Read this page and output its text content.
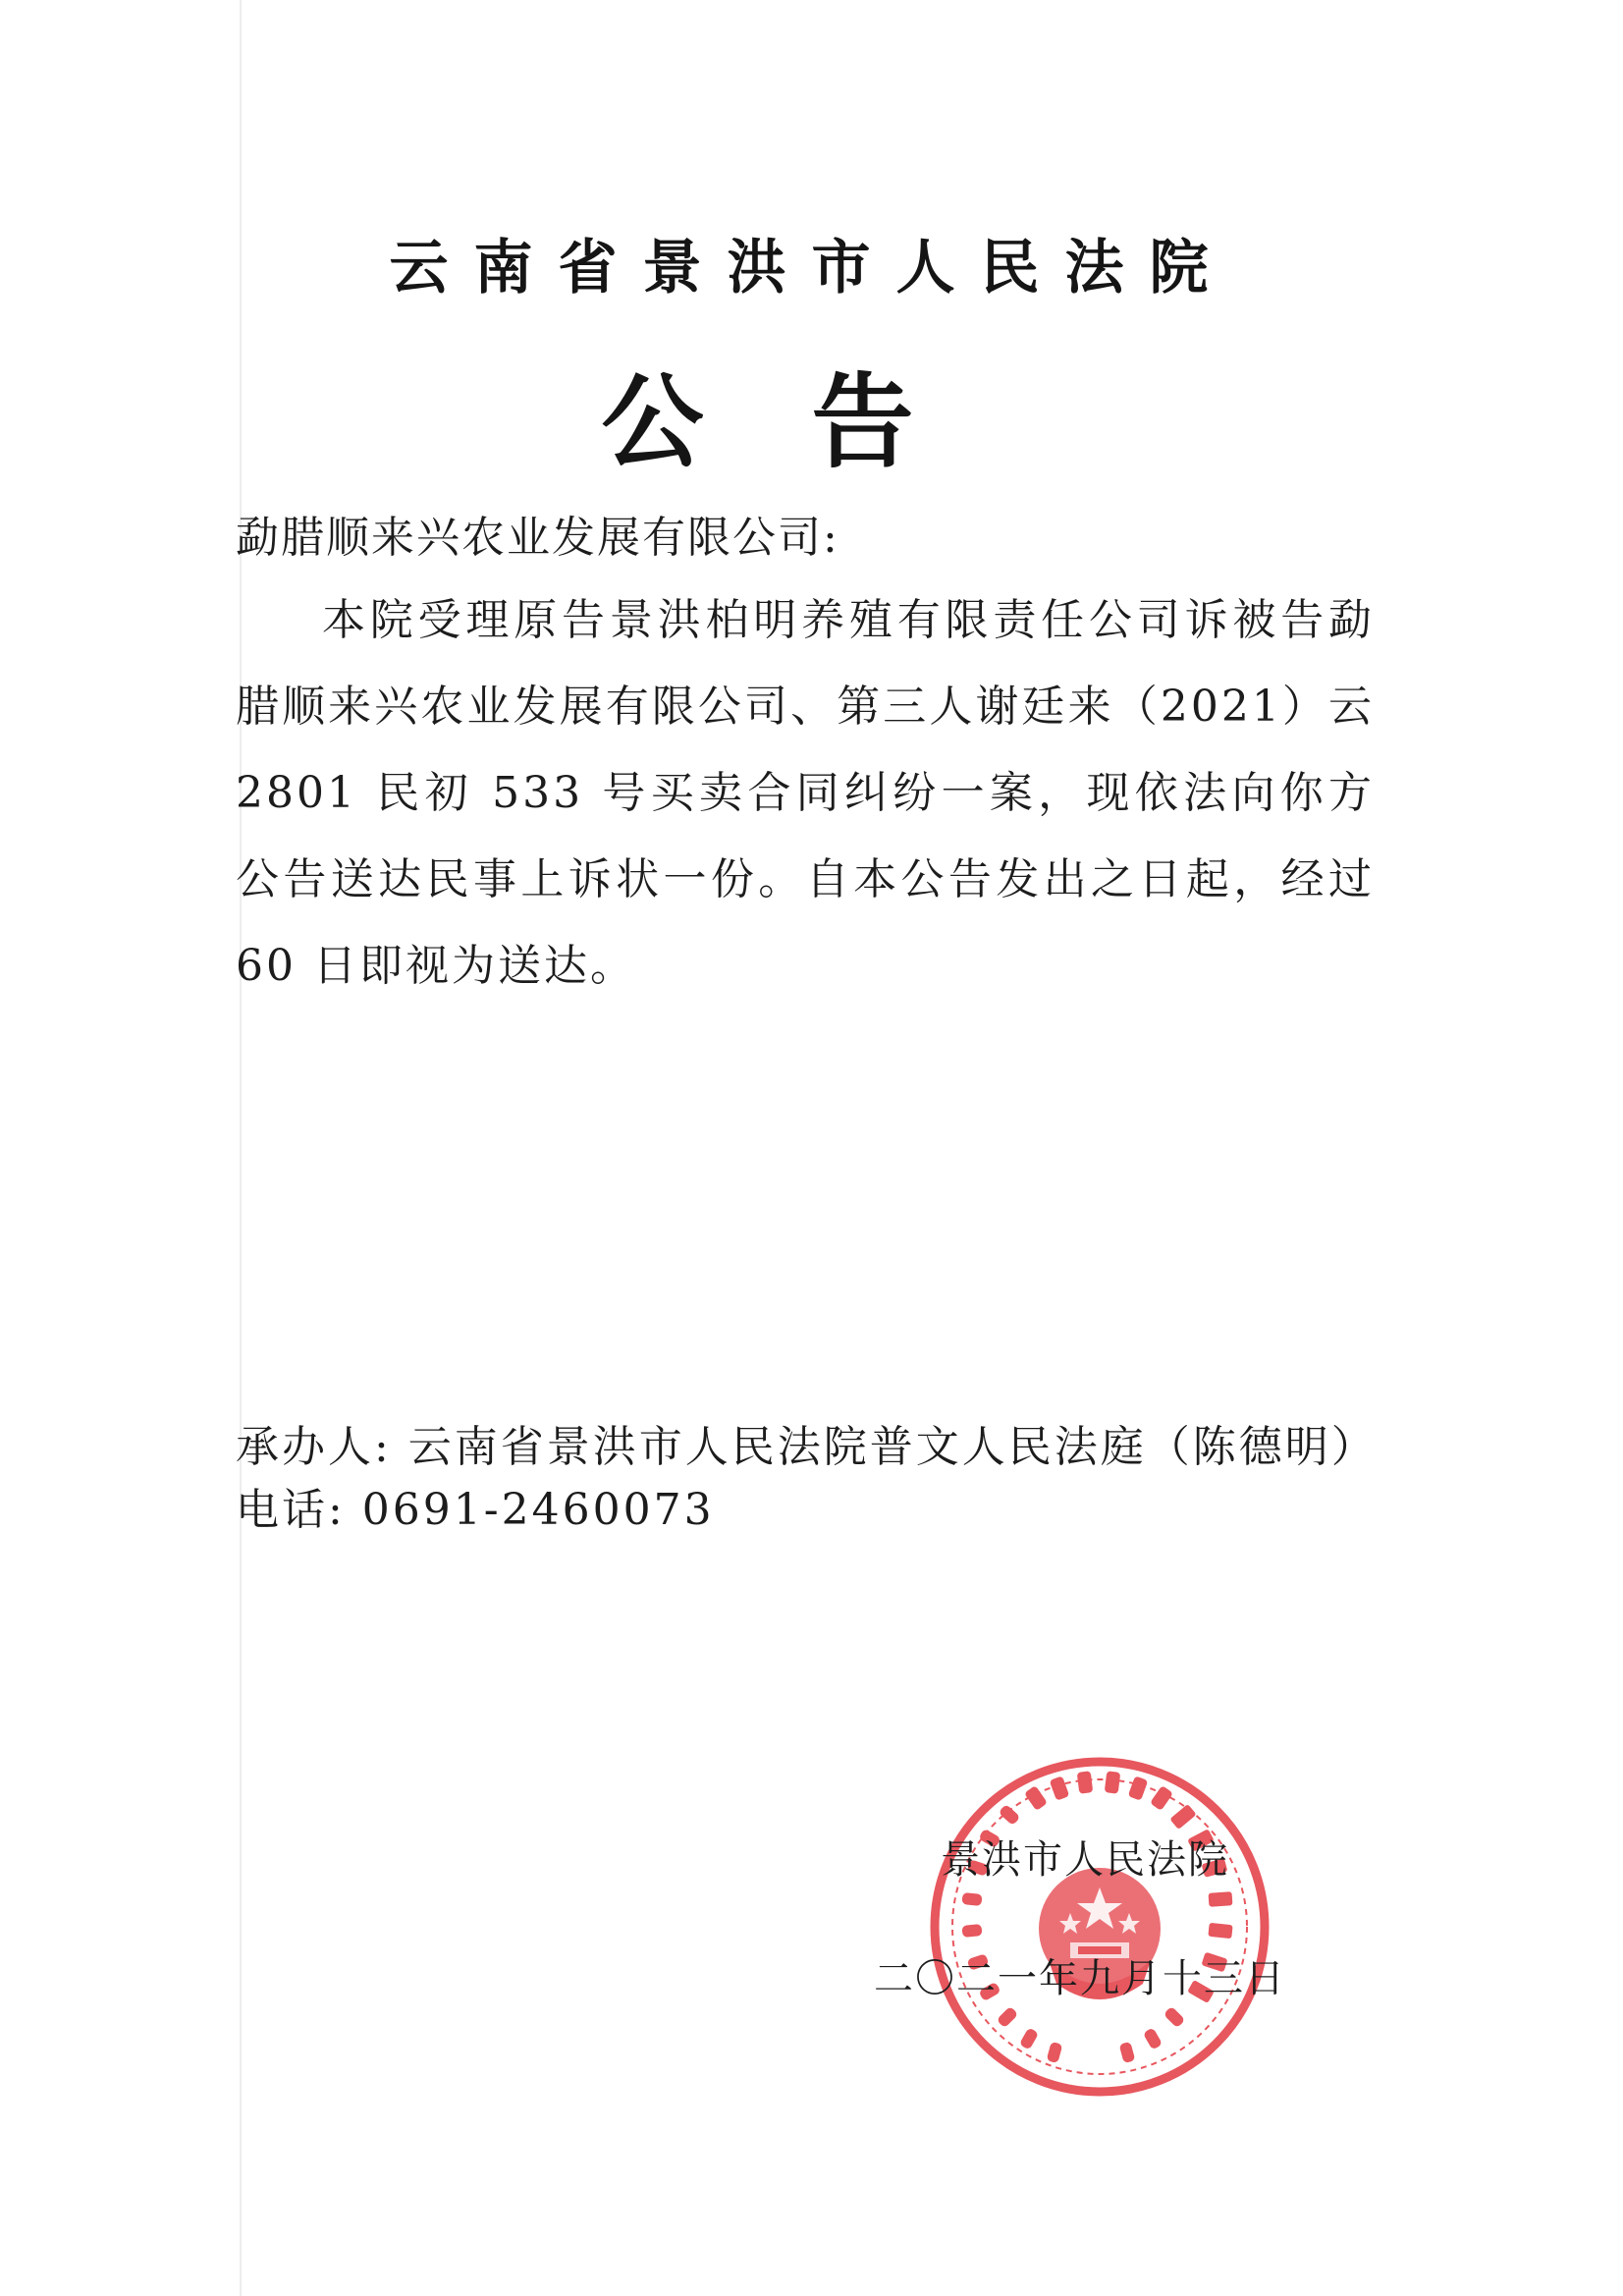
云南省景洪市人民法院
公告
勐腊顺来兴农业发展有限公司:
本院受理原告景洪柏明养殖有限责任公司诉被告勐腊顺来兴农业发展有限公司、第三人谢廷来（2021）云 2801 民初 533 号买卖合同纠纷一案，现依法向你方公告送达民事上诉状一份。自本公告发出之日起，经过 60 日即视为送达。
承办人: 云南省景洪市人民法院普文人民法庭（陈德明）
电话: 0691-2460073
景洪市人民法院
二〇二一年九月十三日
